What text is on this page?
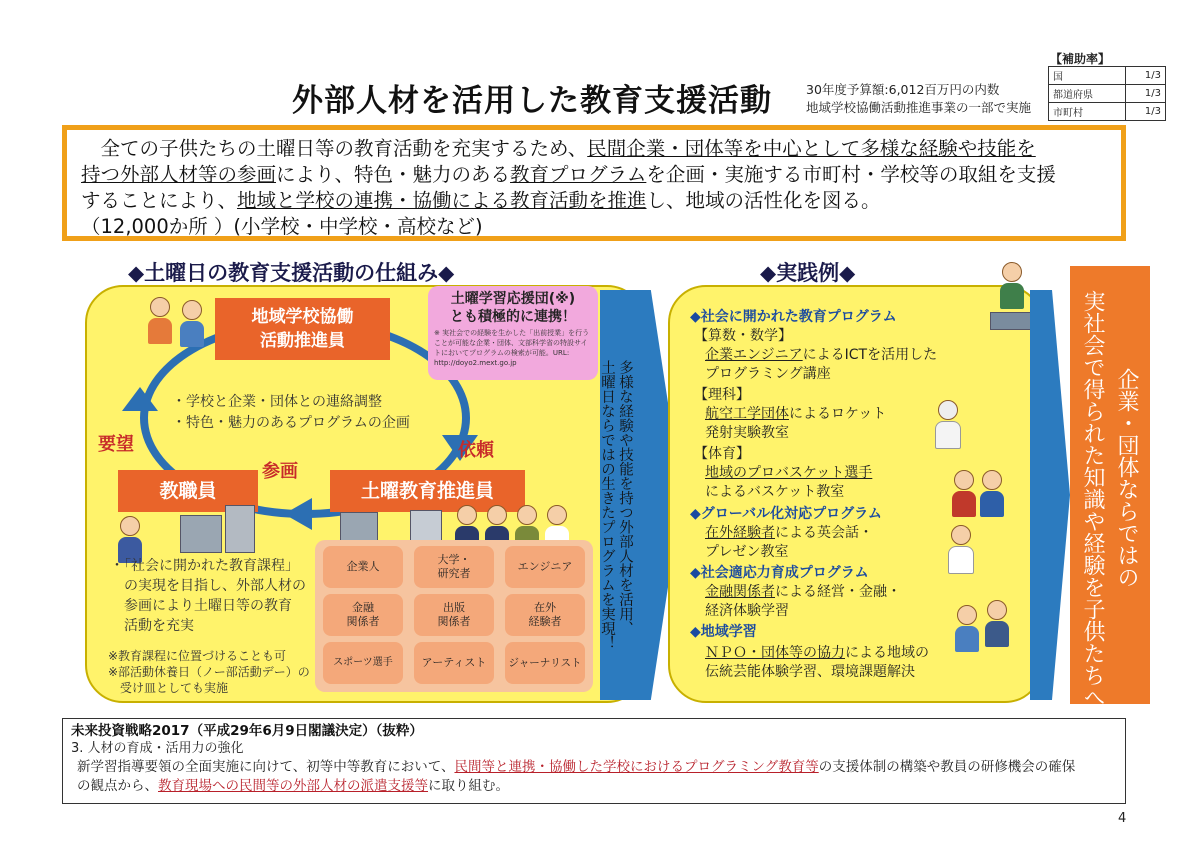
外部人材を活用した教育支援活動	30年度予算額:6,012百万円の内数
地域学校協働活動推進事業の一部で実施
【補助率】
国	1/3
都道府県	1/3
市町村	1/3

　全ての子供たちの土曜日等の教育活動を充実するため、民間企業・団体等を中心として多様な経験や技能を

持つ外部人材等の参画により、特色・魅力のある教育プログラムを企画・実施する市町村・学校等の取組を支援

することにより、地域と学校の連携・協働による教育活動を推進し、地域の活性化を図る。

（12,000か所 ）(小学校・中学校・高校など)

◆土曜日の教育支援活動の仕組み◆	◆実践例◆
地域学校協働
活動推進員
土曜学習応援団(※)
とも積極的に連携！
※ 実社会での経験を生かした「出前授業」を行うことが可能な企業・団体、文部科学省の特設サイトにおいてプログラムの検索が可能。URL: http://doyo2.mext.go.jp
・学校と企業・団体との連絡調整
・特色・魅力のあるプログラムの企画
要望	依頼
参画
教職員	土曜教育推進員
・「社会に開かれた教育課程」
　の実現を目指し、外部人材の
　参画により土曜日等の教育
　活動を充実
※教育課程に位置づけることも可
※部活動休養日（ノー部活動デー）の
　受け皿としても実施
企業人
大学・
研究者
エンジニア
金融
関係者
出版
関係者
在外
経験者
スポーツ選手	アーティスト	ジャーナリスト
多様な経験や技能を持つ外部人材を活用、
土曜日ならではの生きたプログラムを実現！
◆社会に開かれた教育プログラム
【算数・数学】
企業エンジニアによるICTを活用した
プログラミング講座
【理科】
航空工学団体によるロケット
発射実験教室
【体育】
地域のプロバスケット選手
によるバスケット教室
◆グローバル化対応プログラム
在外経験者による英会話・
プレゼン教室
◆社会適応力育成プログラム
金融関係者による経営・金融・
経済体験学習
◆地域学習
ＮＰＯ・団体等の協力による地域の
伝統芸能体験学習、環境課題解決
企業・団体ならではの
実社会で得られた知識や経験を子供たちへ！
未来投資戦略2017（平成29年6月9日閣議決定）（抜粋）
3. 人材の育成・活用力の強化
新学習指導要領の全面実施に向けて、初等中等教育において、民間等と連携・協働した学校におけるプログラミング教育等の支援体制の構築や教員の研修機会の確保
の観点から、教育現場への民間等の外部人材の派遣支援等に取り組む。
4
